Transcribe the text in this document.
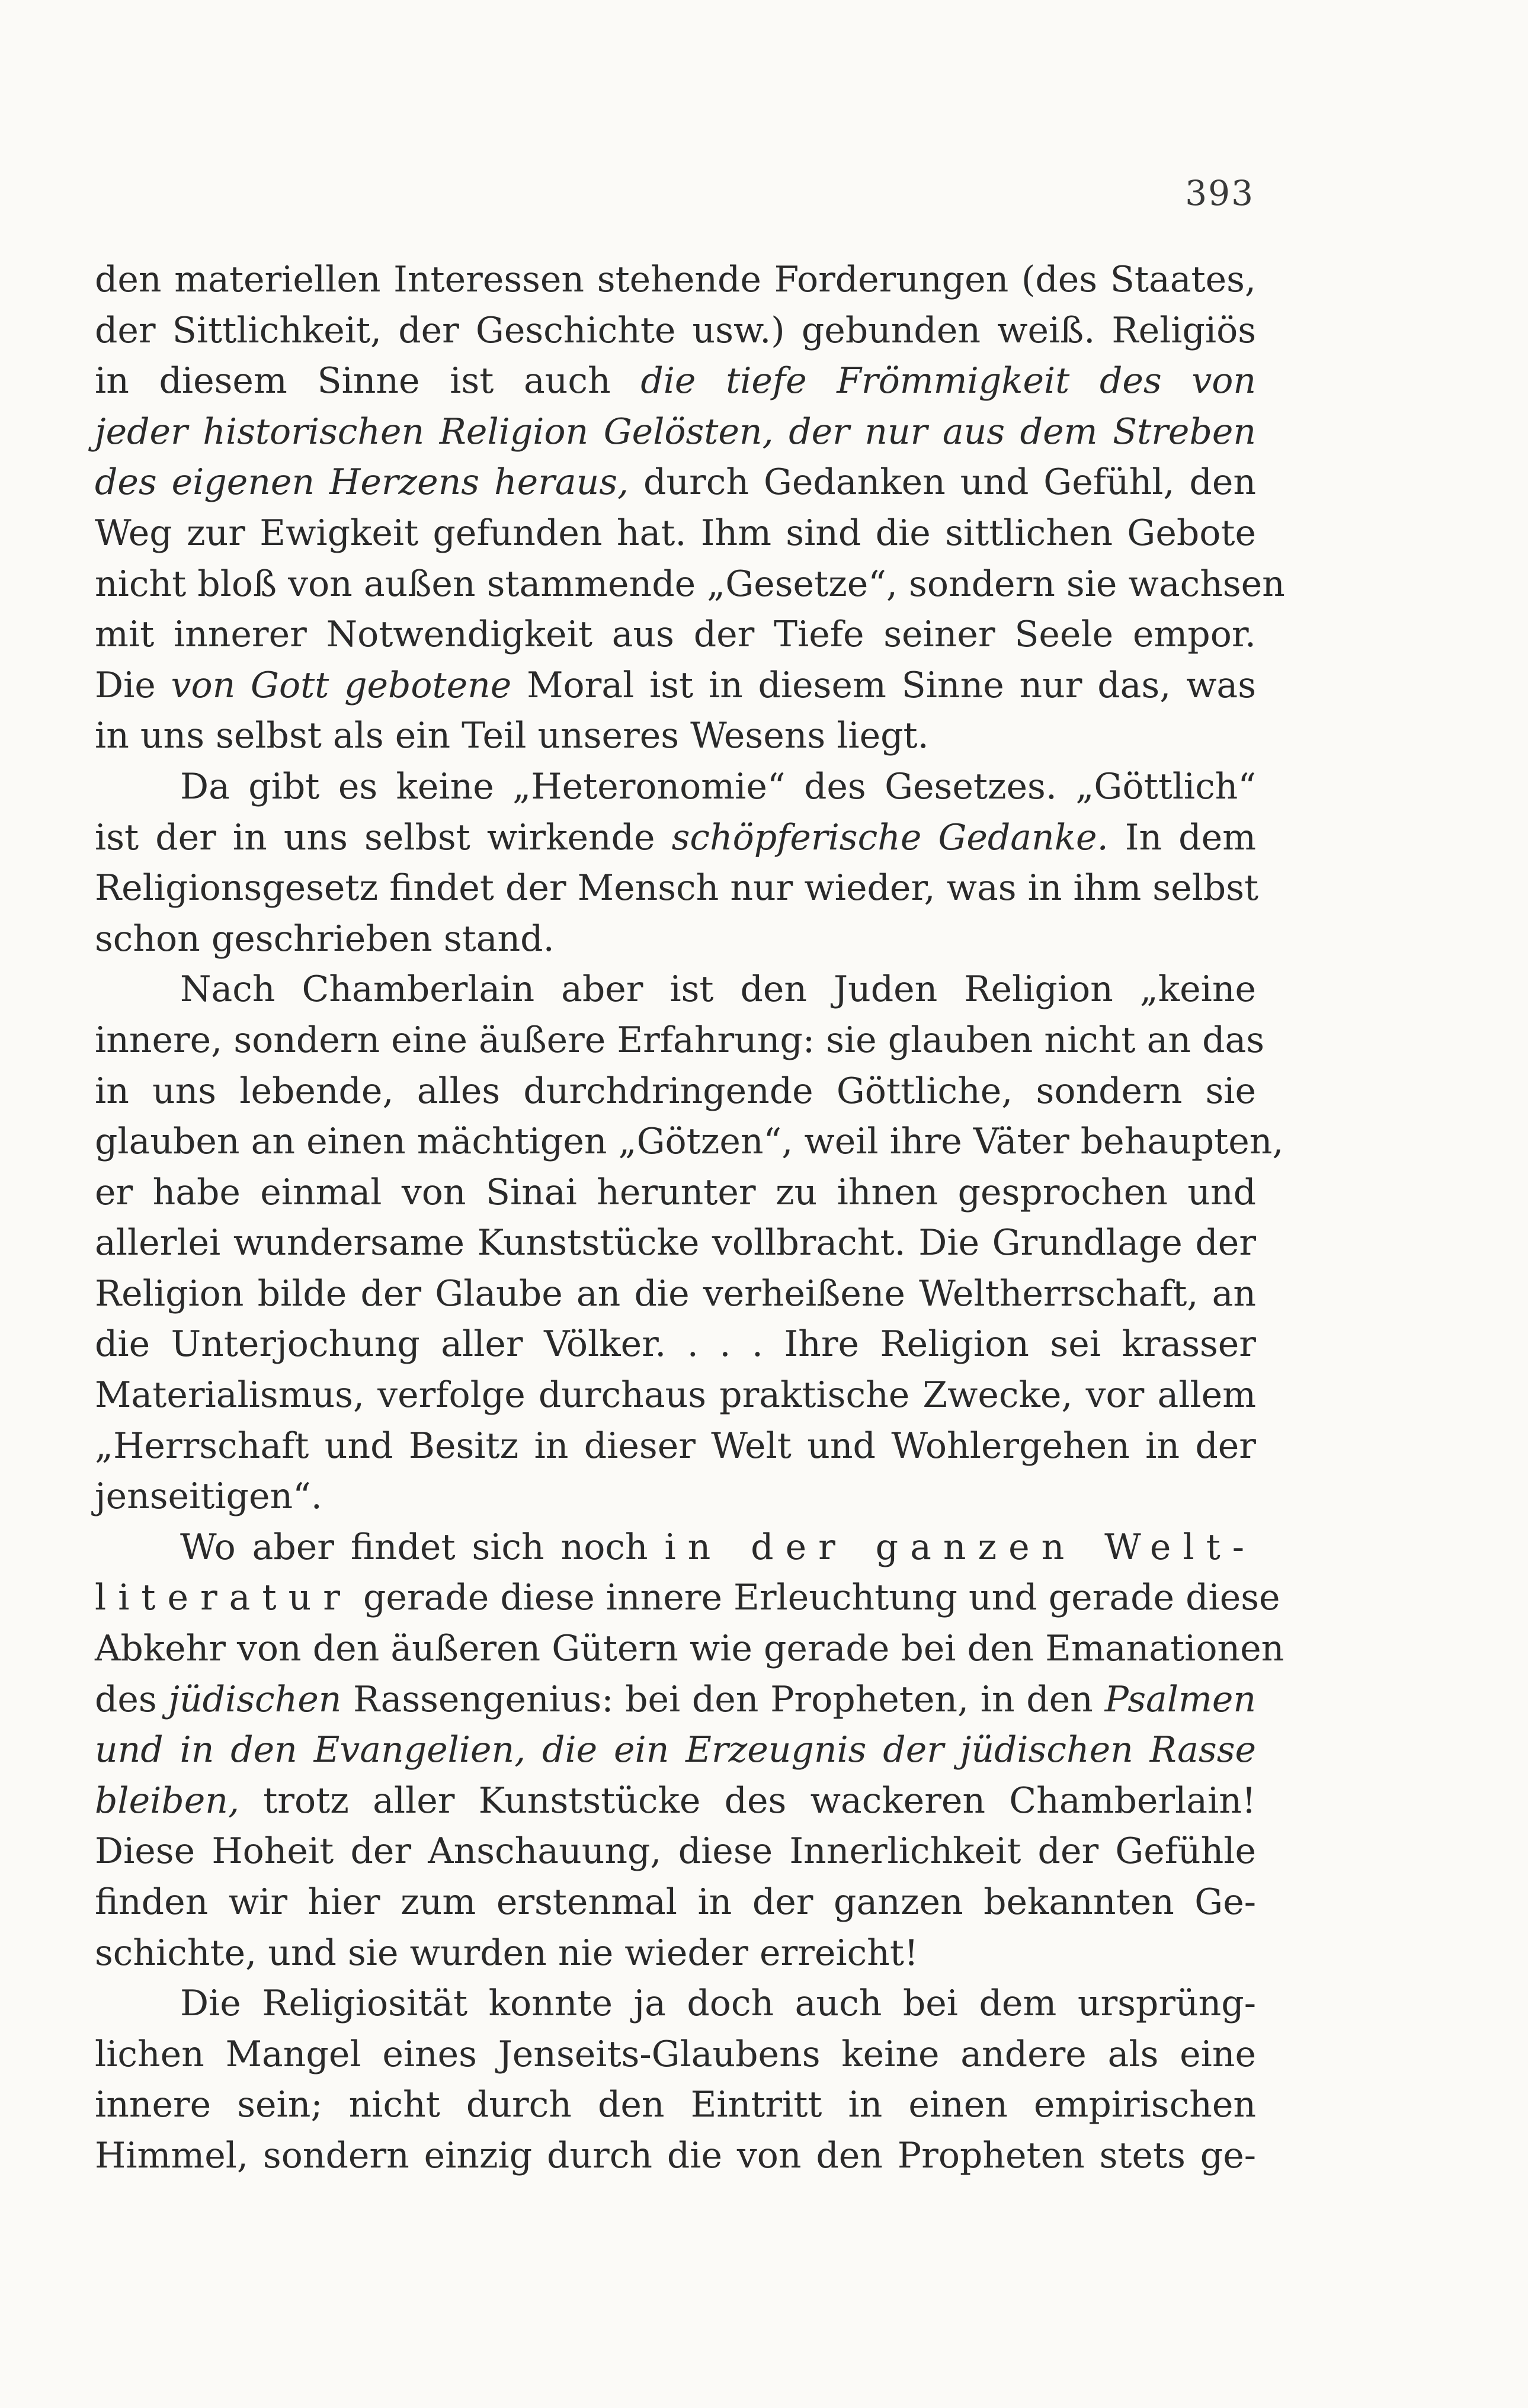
393
den materiellen Interessen stehende Forderungen (des Staates,
der Sittlichkeit, der Geschichte usw.) gebunden weiß. Religiös
in diesem Sinne ist auch die tiefe Frömmigkeit des von
jeder historischen Religion Gelösten, der nur aus dem Streben
des eigenen Herzens heraus, durch Gedanken und Gefühl, den
Weg zur Ewigkeit gefunden hat. Ihm sind die sittlichen Gebote
nicht bloß von außen stammende „Gesetze“, sondern sie wachsen
mit innerer Notwendigkeit aus der Tiefe seiner Seele empor.
Die von Gott gebotene Moral ist in diesem Sinne nur das, was
in uns selbst als ein Teil unseres Wesens liegt.
Da gibt es keine „Heteronomie“ des Gesetzes. „Göttlich“
ist der in uns selbst wirkende schöpferische Gedanke. In dem
Religionsgesetz findet der Mensch nur wieder, was in ihm selbst
schon geschrieben stand.
Nach Chamberlain aber ist den Juden Religion „keine
innere, sondern eine äußere Erfahrung: sie glauben nicht an das
in uns lebende, alles durchdringende Göttliche, sondern sie
glauben an einen mächtigen „Götzen“, weil ihre Väter behaupten,
er habe einmal von Sinai herunter zu ihnen gesprochen und
allerlei wundersame Kunststücke vollbracht. Die Grundlage der
Religion bilde der Glaube an die verheißene Weltherrschaft, an
die Unterjochung aller Völker. . . . Ihre Religion sei krasser
Materialismus, verfolge durchaus praktische Zwecke, vor allem
„Herrschaft und Besitz in dieser Welt und Wohlergehen in der
jenseitigen“.
Wo aber findet sich noch in der ganzen Welt-
literatur gerade diese innere Erleuchtung und gerade diese
Abkehr von den äußeren Gütern wie gerade bei den Emanationen
des jüdischen Rassengenius: bei den Propheten, in den Psalmen
und in den Evangelien, die ein Erzeugnis der jüdischen Rasse
bleiben, trotz aller Kunststücke des wackeren Chamberlain!
Diese Hoheit der Anschauung, diese Innerlichkeit der Gefühle
finden wir hier zum erstenmal in der ganzen bekannten Ge-
schichte, und sie wurden nie wieder erreicht!
Die Religiosität konnte ja doch auch bei dem ursprüng-
lichen Mangel eines Jenseits-Glaubens keine andere als eine
innere sein; nicht durch den Eintritt in einen empirischen
Himmel, sondern einzig durch die von den Propheten stets ge-
